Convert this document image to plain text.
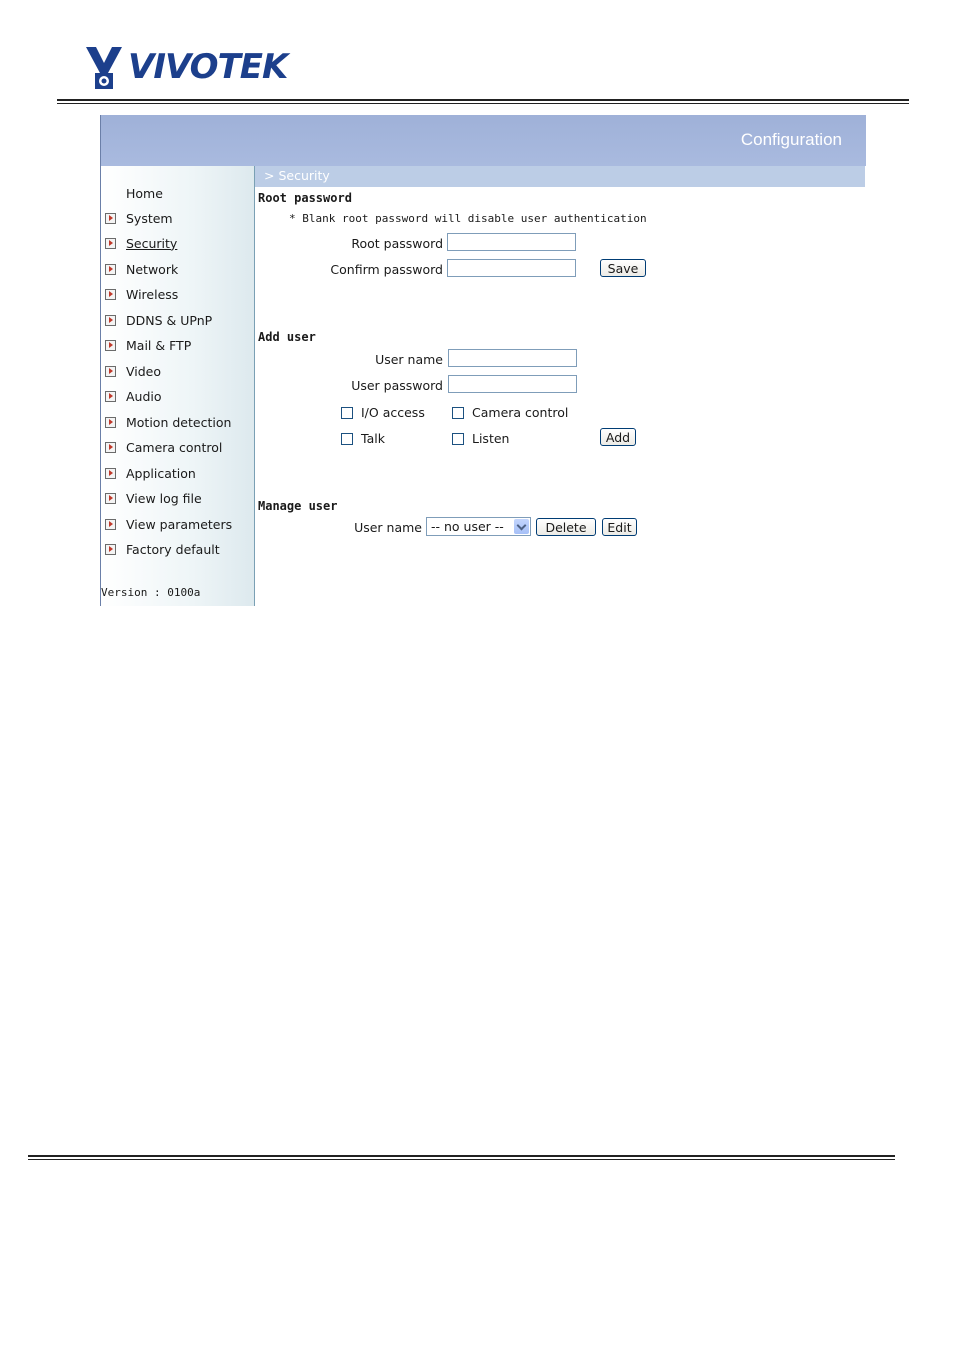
VIVOTEK
Configuration
Home
System
Security
Network
Wireless
DDNS & UPnP
Mail & FTP
Video
Audio
Motion detection
Camera control
Application
View log file
View parameters
Factory default
Version : 0100a
> Security
Root password
* Blank root password will disable user authentication
Root password
Confirm password	Save
Add user
User name
User password
I/O access	Camera control
Talk	Listen	Add
Manage user
User name -- no user --	Delete	Edit
